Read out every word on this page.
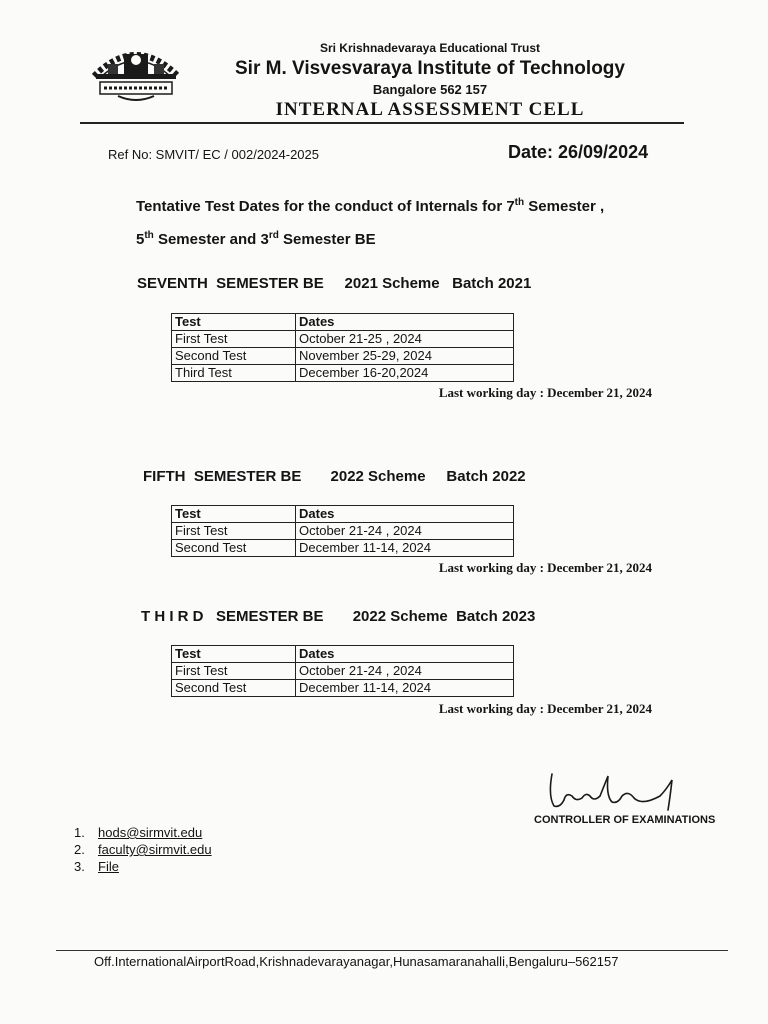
Sri Krishnadevaraya Educational Trust
Sir M. Visvesvaraya Institute of Technology
Bangalore 562 157
INTERNAL ASSESSMENT CELL
Ref No: SMVIT/ EC / 002/2024-2025	Date: 26/09/2024
Tentative Test Dates for the conduct of Internals for 7th Semester ,
5th Semester and 3rd Semester BE
SEVENTH  SEMESTER BE     2021 Scheme   Batch 2021
Test	Dates
First Test	October 21-25 , 2024
Second Test	November 25-29, 2024
Third Test	December 16-20,2024
Last working day : December 21, 2024
FIFTH  SEMESTER BE       2022 Scheme     Batch 2022
Test	Dates
First Test	October 21-24 , 2024
Second Test	December 11-14, 2024
Last working day : December 21, 2024
T H I R D   SEMESTER BE       2022 Scheme  Batch 2023
Test	Dates
First Test	October 21-24 , 2024
Second Test	December 11-14, 2024
Last working day : December 21, 2024
CONTROLLER OF EXAMINATIONS
1. hods@sirmvit.edu
2. faculty@sirmvit.edu
3. File
Off.InternationalAirportRoad,Krishnadevarayanagar,Hunasamaranahalli,Bengaluru–562157
